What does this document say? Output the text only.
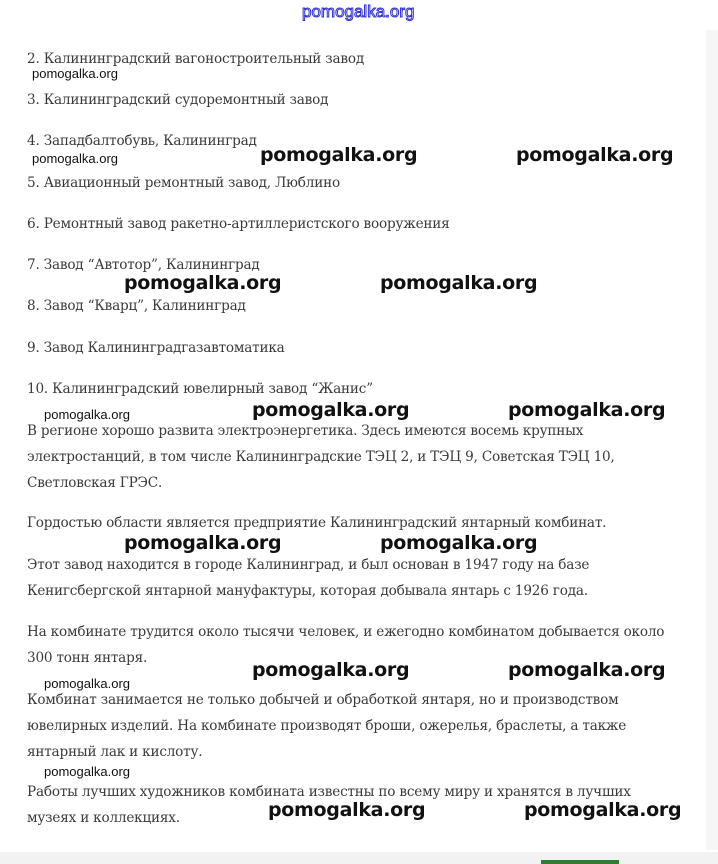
pomogalka.org
2. Калининградский вагоностроительный завод
3. Калининградский судоремонтный завод
4. Западбалтобувь, Калининград
5. Авиационный ремонтный завод, Люблино
6. Ремонтный завод ракетно-артиллеристского вооружения
7. Завод “Автотор”, Калининград
8. Завод “Кварц”, Калининград
9. Завод Калининградгазавтоматика
10. Калининградский ювелирный завод “Жанис”
В регионе хорошо развита электроэнергетика. Здесь имеются восемь крупных
электростанций, в том числе Калининградские ТЭЦ 2, и ТЭЦ 9, Советская ТЭЦ 10,
Светловская ГРЭС.
Гордостью области является предприятие Калининградский янтарный комбинат.
Этот завод находится в городе Калининград, и был основан в 1947 году на базе
Кенигсбергской янтарной мануфактуры, которая добывала янтарь с 1926 года.
На комбинате трудится около тысячи человек, и ежегодно комбинатом добывается около
300 тонн янтаря.
Комбинат занимается не только добычей и обработкой янтаря, но и производством
ювелирных изделий. На комбинате производят броши, ожерелья, браслеты, а также
янтарный лак и кислоту.
Работы лучших художников комбината известны по всему миру и хранятся в лучших
музеях и коллекциях.
pomogalka.org
pomogalka.org
pomogalka.org
pomogalka.org
pomogalka.org
pomogalka.org	pomogalka.org
pomogalka.org	pomogalka.org
pomogalka.org	pomogalka.org
pomogalka.org	pomogalka.org
pomogalka.org	pomogalka.org
pomogalka.org	pomogalka.org
